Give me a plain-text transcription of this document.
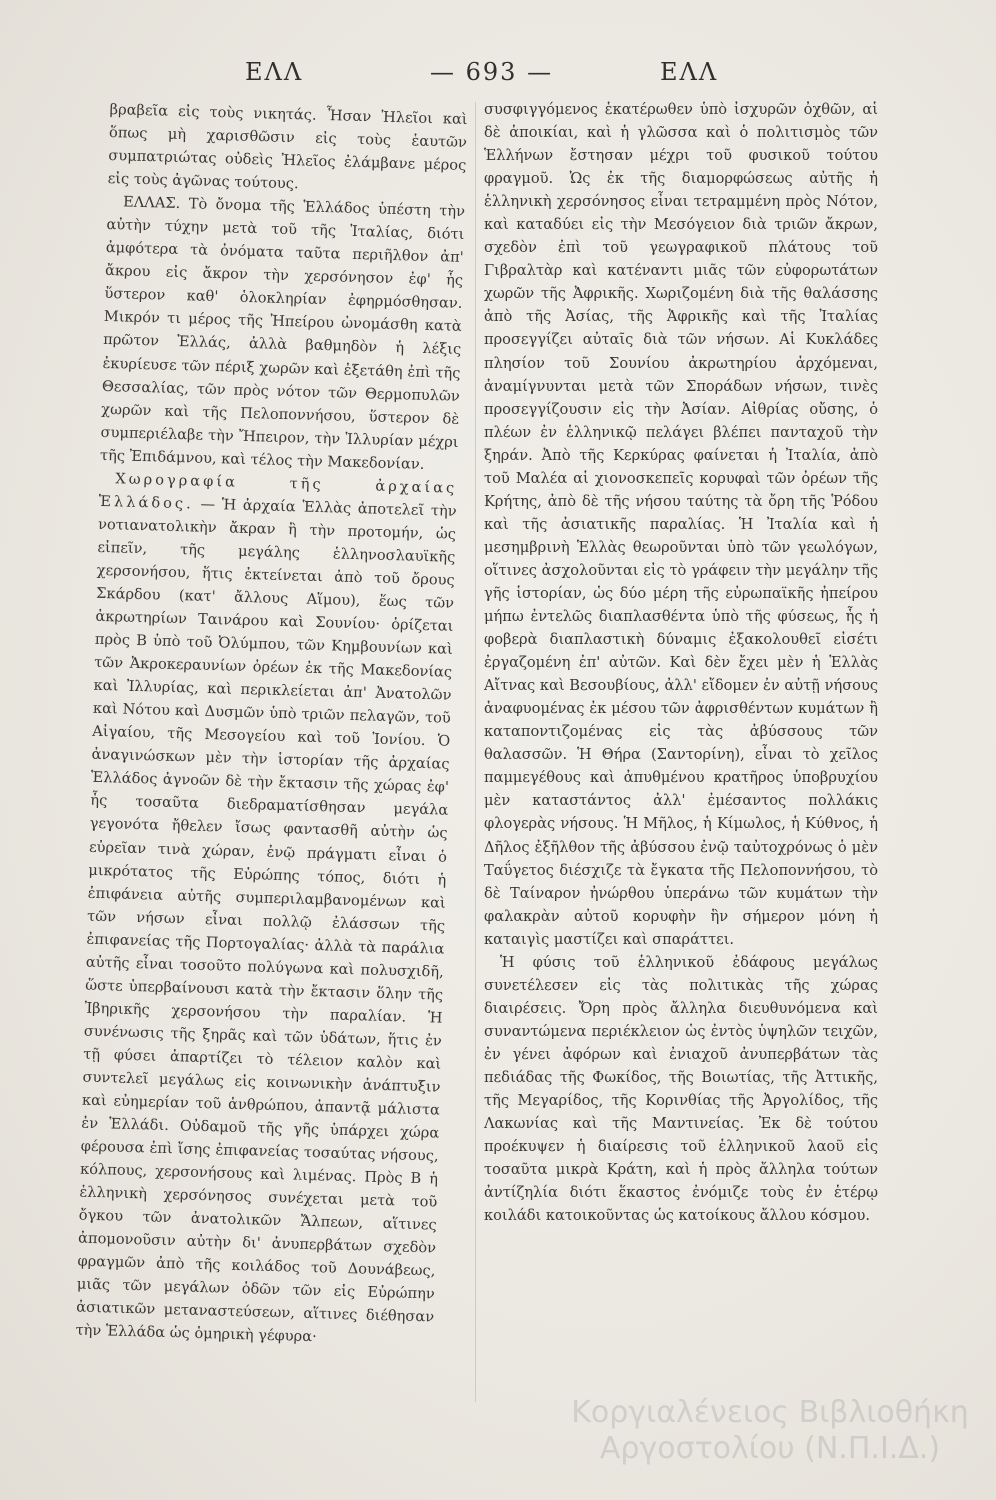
ΕΛΛ	— 693 —	ΕΛΛ

βραβεῖα εἰς τοὺς νικητάς. Ἦσαν Ἠλεῖοι καὶ ὅπως μὴ χαρισθῶσιν εἰς τοὺς ἑαυτῶν συμπατριώτας οὐδεὶς Ἠλεῖος ἐλάμβανε μέρος εἰς τοὺς ἀγῶνας τούτους.

ΕΛΛΑΣ. Τὸ ὄνομα τῆς Ἑλλάδος ὑπέστη τὴν αὐτὴν τύχην μετὰ τοῦ τῆς Ἰταλίας, διότι ἀμφότερα τὰ ὀνόματα ταῦτα περιῆλθον ἀπ' ἄκρου εἰς ἄκρον τὴν χερσόνησον ἐφ' ἧς ὕστερον καθ' ὁλοκληρίαν ἐφηρμόσθησαν. Μικρόν τι μέρος τῆς Ἠπείρου ὠνομάσθη κατὰ πρῶτον Ἑλλάς, ἀλλὰ βαθμηδὸν ἡ λέξις ἐκυρίευσε τῶν πέριξ χωρῶν καὶ ἐξετάθη ἐπὶ τῆς Θεσσαλίας, τῶν πρὸς νότον τῶν Θερμοπυλῶν χωρῶν καὶ τῆς Πελοποννήσου, ὕστερον δὲ συμπεριέλαβε τὴν Ἤπειρον, τὴν Ἰλλυρίαν μέχρι τῆς Ἐπιδάμνου, καὶ τέλος τὴν Μακεδονίαν.

Χωρογραφία τῆς ἀρχαίας Ἑλλάδος. — Ἡ ἀρχαία Ἑλλὰς ἀποτελεῖ τὴν νοτιανατολικὴν ἄκραν ἢ τὴν προτομήν, ὡς εἰπεῖν, τῆς μεγάλης ἑλληνοσλαυϊκῆς χερσονήσου, ἥτις ἐκτείνεται ἀπὸ τοῦ ὄρους Σκάρδου (κατ' ἄλλους Αἵμου), ἕως τῶν ἀκρωτηρίων Ταινάρου καὶ Σουνίου· ὁρίζεται πρὸς Β ὑπὸ τοῦ Ὀλύμπου, τῶν Κημβουνίων καὶ τῶν Ἀκροκεραυνίων ὀρέων ἐκ τῆς Μακεδονίας καὶ Ἰλλυρίας, καὶ περικλείεται ἀπ' Ἀνατολῶν καὶ Νότου καὶ Δυσμῶν ὑπὸ τριῶν πελαγῶν, τοῦ Αἰγαίου, τῆς Μεσογείου καὶ τοῦ Ἰονίου. Ὁ ἀναγινώσκων μὲν τὴν ἱστορίαν τῆς ἀρχαίας Ἑλλάδος ἀγνοῶν δὲ τὴν ἔκτασιν τῆς χώρας ἐφ' ἧς τοσαῦτα διεδραματίσθησαν μεγάλα γεγονότα ἤθελεν ἴσως φαντασθῆ αὐτὴν ὡς εὐρεῖαν τινὰ χώραν, ἐνῷ πράγματι εἶναι ὁ μικρότατος τῆς Εὐρώπης τόπος, διότι ἡ ἐπιφάνεια αὐτῆς συμπεριλαμβανομένων καὶ τῶν νήσων εἶναι πολλῷ ἐλάσσων τῆς ἐπιφανείας τῆς Πορτογαλίας· ἀλλὰ τὰ παράλια αὐτῆς εἶναι τοσοῦτο πολύγωνα καὶ πολυσχιδῆ, ὥστε ὑπερβαίνουσι κατὰ τὴν ἔκτασιν ὅλην τῆς Ἰβηρικῆς χερσονήσου τὴν παραλίαν. Ἡ συνένωσις τῆς ξηρᾶς καὶ τῶν ὑδάτων, ἥτις ἐν τῇ φύσει ἀπαρτίζει τὸ τέλειον καλὸν καὶ συντελεῖ μεγάλως εἰς κοινωνικὴν ἀνάπτυξιν καὶ εὐημερίαν τοῦ ἀνθρώπου, ἀπαντᾷ μάλιστα ἐν Ἑλλάδι. Οὐδαμοῦ τῆς γῆς ὑπάρχει χώρα φέρουσα ἐπὶ ἴσης ἐπιφανείας τοσαύτας νήσους, κόλπους, χερσονήσους καὶ λιμένας. Πρὸς Β ἡ ἑλληνικὴ χερσόνησος συνέχεται μετὰ τοῦ ὄγκου τῶν ἀνατολικῶν Ἄλπεων, αἵτινες ἀπομονοῦσιν αὐτὴν δι' ἀνυπερβάτων σχεδὸν φραγμῶν ἀπὸ τῆς κοιλάδος τοῦ Δουνάβεως, μιᾶς τῶν μεγάλων ὁδῶν τῶν εἰς Εὐρώπην ἀσιατικῶν μεταναστεύσεων, αἵτινες διέθησαν τὴν Ἑλλάδα ὡς ὁμηρικὴ γέφυρα·

συσφιγγόμενος ἑκατέρωθεν ὑπὸ ἰσχυρῶν ὀχθῶν, αἱ δὲ ἀποικίαι, καὶ ἡ γλῶσσα καὶ ὁ πολιτισμὸς τῶν Ἑλλήνων ἔστησαν μέχρι τοῦ φυσικοῦ τούτου φραγμοῦ. Ὡς ἐκ τῆς διαμορφώσεως αὐτῆς ἡ ἑλληνικὴ χερσόνησος εἶναι τετραμμένη πρὸς Νότον, καὶ καταδύει εἰς τὴν Μεσόγειον διὰ τριῶν ἄκρων, σχεδὸν ἐπὶ τοῦ γεωγραφικοῦ πλάτους τοῦ Γιβραλτὰρ καὶ κατέναντι μιᾶς τῶν εὐφορωτάτων χωρῶν τῆς Ἀφρικῆς. Χωριζομένη διὰ τῆς θαλάσσης ἀπὸ τῆς Ἀσίας, τῆς Ἀφρικῆς καὶ τῆς Ἰταλίας προσεγγίζει αὐταῖς διὰ τῶν νήσων. Αἱ Κυκλάδες πλησίον τοῦ Σουνίου ἀκρωτηρίου ἀρχόμεναι, ἀναμίγνυνται μετὰ τῶν Σποράδων νήσων, τινὲς προσεγγίζουσιν εἰς τὴν Ἀσίαν. Αἰθρίας οὔσης, ὁ πλέων ἐν ἑλληνικῷ πελάγει βλέπει πανταχοῦ τὴν ξηράν. Ἀπὸ τῆς Κερκύρας φαίνεται ἡ Ἰταλία, ἀπὸ τοῦ Μαλέα αἱ χιονοσκεπεῖς κορυφαὶ τῶν ὀρέων τῆς Κρήτης, ἀπὸ δὲ τῆς νήσου ταύτης τὰ ὄρη τῆς Ῥόδου καὶ τῆς ἀσιατικῆς παραλίας. Ἡ Ἰταλία καὶ ἡ μεσημβρινὴ Ἑλλὰς θεωροῦνται ὑπὸ τῶν γεωλόγων, οἵτινες ἀσχολοῦνται εἰς τὸ γράφειν τὴν μεγάλην τῆς γῆς ἱστορίαν, ὡς δύο μέρη τῆς εὐρωπαϊκῆς ἠπείρου μήπω ἐντελῶς διαπλασθέντα ὑπὸ τῆς φύσεως, ἧς ἡ φοβερὰ διαπλαστικὴ δύναμις ἐξακολουθεῖ εἰσέτι ἐργαζομένη ἐπ' αὐτῶν. Καὶ δὲν ἔχει μὲν ἡ Ἑλλὰς Αἴτνας καὶ Βεσουβίους, ἀλλ' εἴδομεν ἐν αὐτῇ νήσους ἀναφυομένας ἐκ μέσου τῶν ἀφρισθέντων κυμάτων ἢ καταποντιζομένας εἰς τὰς ἀβύσσους τῶν θαλασσῶν. Ἡ Θήρα (Σαντορίνη), εἶναι τὸ χεῖλος παμμεγέθους καὶ ἀπυθμένου κρατῆρος ὑποβρυχίου μὲν καταστάντος ἀλλ' ἐμέσαντος πολλάκις φλογερὰς νήσους. Ἡ Μῆλος, ἡ Κίμωλος, ἡ Κύθνος, ἡ Δῆλος ἐξῆλθον τῆς ἀβύσσου ἐνῷ ταὐτοχρόνως ὁ μὲν Ταΰγετος διέσχιζε τὰ ἔγκατα τῆς Πελοποννήσου, τὸ δὲ Ταίναρον ἠνώρθου ὑπεράνω τῶν κυμάτων τὴν φαλακρὰν αὐτοῦ κορυφὴν ἣν σήμερον μόνη ἡ καταιγὶς μαστίζει καὶ σπαράττει.

Ἡ φύσις τοῦ ἑλληνικοῦ ἐδάφους μεγάλως συνετέλεσεν εἰς τὰς πολιτικὰς τῆς χώρας διαιρέσεις. Ὄρη πρὸς ἄλληλα διευθυνόμενα καὶ συναντώμενα περιέκλειον ὡς ἐντὸς ὑψηλῶν τειχῶν, ἐν γένει ἀφόρων καὶ ἐνιαχοῦ ἀνυπερβάτων τὰς πεδιάδας τῆς Φωκίδος, τῆς Βοιωτίας, τῆς Ἀττικῆς, τῆς Μεγαρίδος, τῆς Κορινθίας τῆς Ἀργολίδος, τῆς Λακωνίας καὶ τῆς Μαντινείας. Ἐκ δὲ τούτου προέκυψεν ἡ διαίρεσις τοῦ ἑλληνικοῦ λαοῦ εἰς τοσαῦτα μικρὰ Κράτη, καὶ ἡ πρὸς ἄλληλα τούτων ἀντίζηλία διότι ἕκαστος ἐνόμιζε τοὺς ἐν ἑτέρῳ κοιλάδι κατοικοῦντας ὡς κατοίκους ἄλλου κόσμου.

Κοργιαλένειος Βιβλιοθήκη Αργοστολίου (Ν.Π.Ι.Δ.)
